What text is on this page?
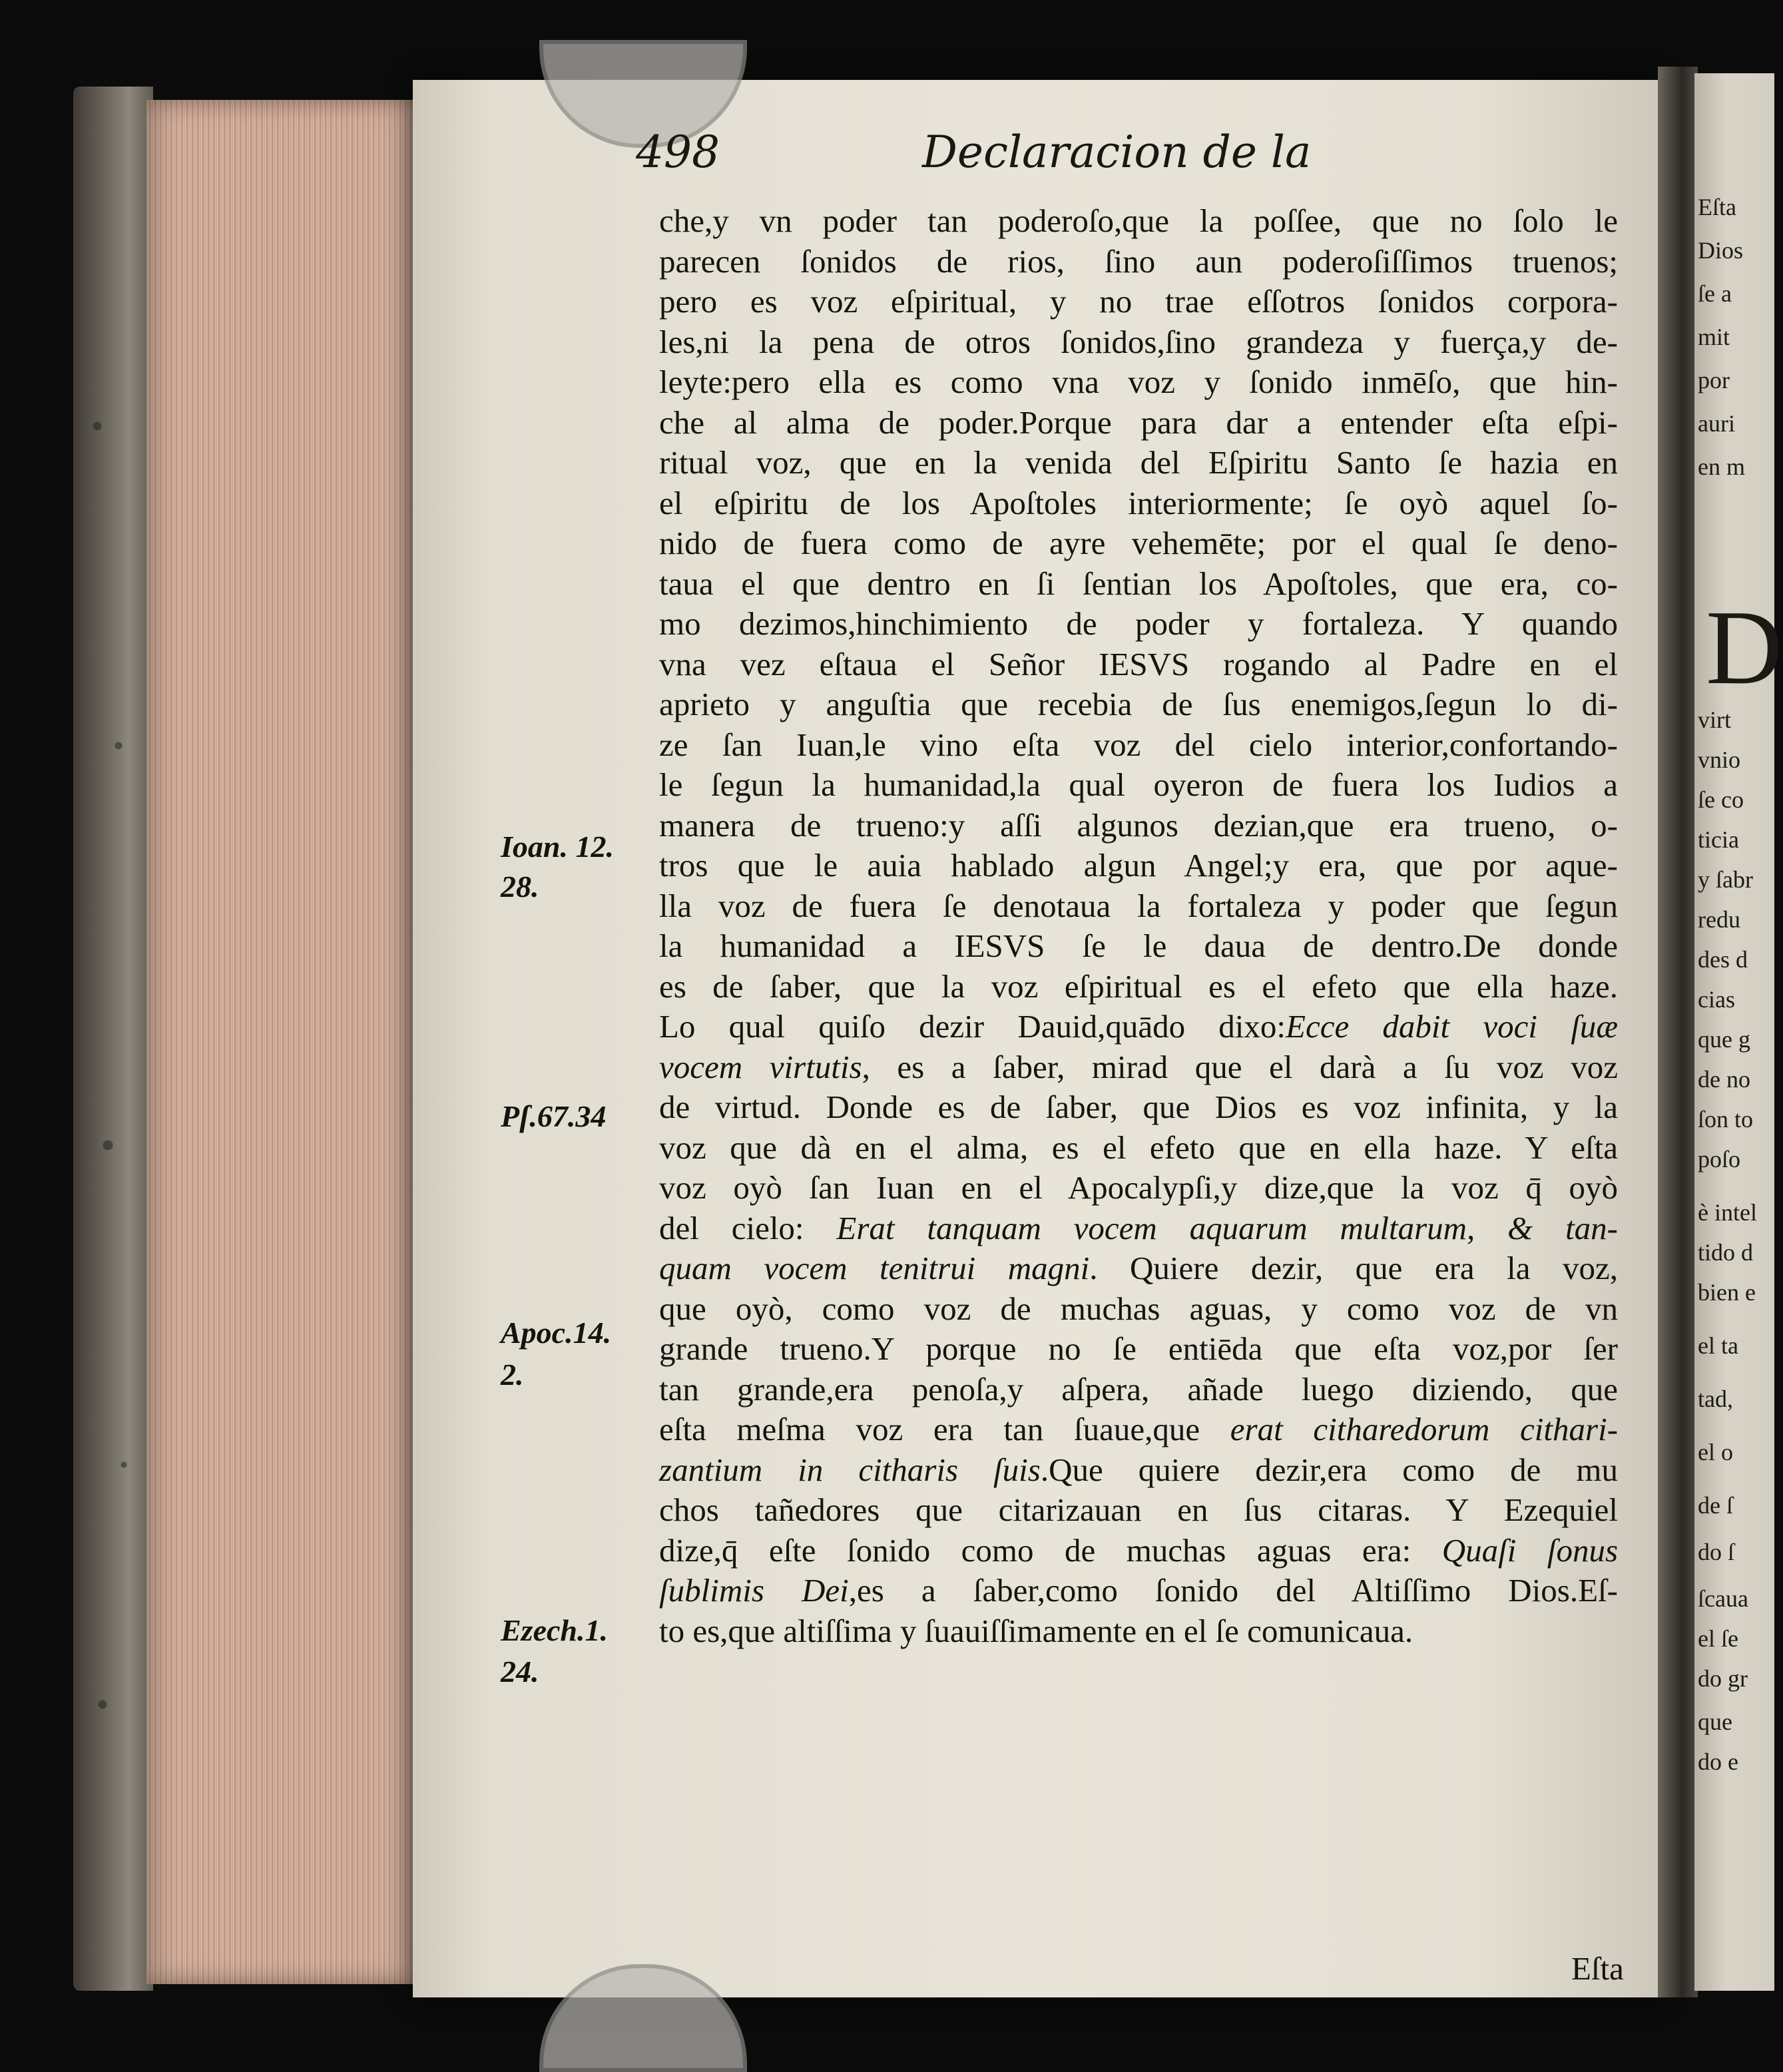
498	Declaracion de la
che,y vn poder tan poderoſo,que la poſſee, que no ſolo le
parecen ſonidos de rios, ſino aun poderoſiſſimos truenos;
pero es voz eſpiritual, y no trae eſſotros ſonidos corpora-
les,ni la pena de otros ſonidos,ſino grandeza y fuerça,y de-
leyte:pero ella es como vna voz y ſonido inmēſo, que hin-
che al alma de poder.Porque para dar a entender eſta eſpi-
ritual voz, que en la venida del Eſpiritu Santo ſe hazia en
el eſpiritu de los Apoſtoles interiormente; ſe oyò aquel ſo-
nido de fuera como de ayre vehemēte; por el qual ſe deno-
taua el que dentro en ſi ſentian los Apoſtoles, que era, co-
mo dezimos,hinchimiento de poder y fortaleza. Y quando
vna vez eſtaua el Señor IESVS rogando al Padre en el
aprieto y anguſtia que recebia de ſus enemigos,ſegun lo di-
ze ſan Iuan,le vino eſta voz del cielo interior,confortando-
le ſegun la humanidad,la qual oyeron de fuera los Iudios a
manera de trueno:y aſſi algunos dezian,que era trueno, o-
tros que le auia hablado algun Angel;y era, que por aque-
lla voz de fuera ſe denotaua la fortaleza y poder que ſegun
la humanidad a IESVS ſe le daua de dentro.De donde
es de ſaber, que la voz eſpiritual es el efeto que ella haze.
Lo qual quiſo dezir Dauid,quādo dixo:Ecce dabit voci ſuæ
vocem virtutis, es a ſaber, mirad que el darà a ſu voz voz
de virtud. Donde es de ſaber, que Dios es voz infinita, y la
voz que dà en el alma, es el efeto que en ella haze. Y eſta
voz oyò ſan Iuan en el Apocalypſi,y dize,que la voz q̄ oyò
del cielo: Erat tanquam vocem aquarum multarum, & tan-
quam vocem tenitrui magni. Quiere dezir, que era la voz,
que oyò, como voz de muchas aguas, y como voz de vn
grande trueno.Y porque no ſe entiēda que eſta voz,por ſer
tan grande,era penoſa,y aſpera, añade luego diziendo, que
eſta meſma voz era tan ſuaue,que erat citharedorum cithari-
zantium in citharis ſuis.Que quiere dezir,era como de mu
chos tañedores que citarizauan en ſus citaras. Y Ezequiel
dize,q̄ eſte ſonido como de muchas aguas era: Quaſi ſonus
ſublimis Dei,es a ſaber,como ſonido del Altiſſimo Dios.Eſ-
to es,que altiſſima y ſuauiſſimamente en el ſe comunicaua.
Eſta
Ioan. 12.
28.
Pſ.67.34
Apoc.14.
2.
Ezech.1.
24.
Eſta
Dios
ſe a
mit
por
auri
en m
D
virt
vnio
ſe co
ticia
y ſabr
redu
des d
cias
que g
de no
ſon to
poſo
è intel
tido d
bien e
el ta
tad,
el o
de ſ
do ſ
ſcaua
el ſe
do gr
que
do e
